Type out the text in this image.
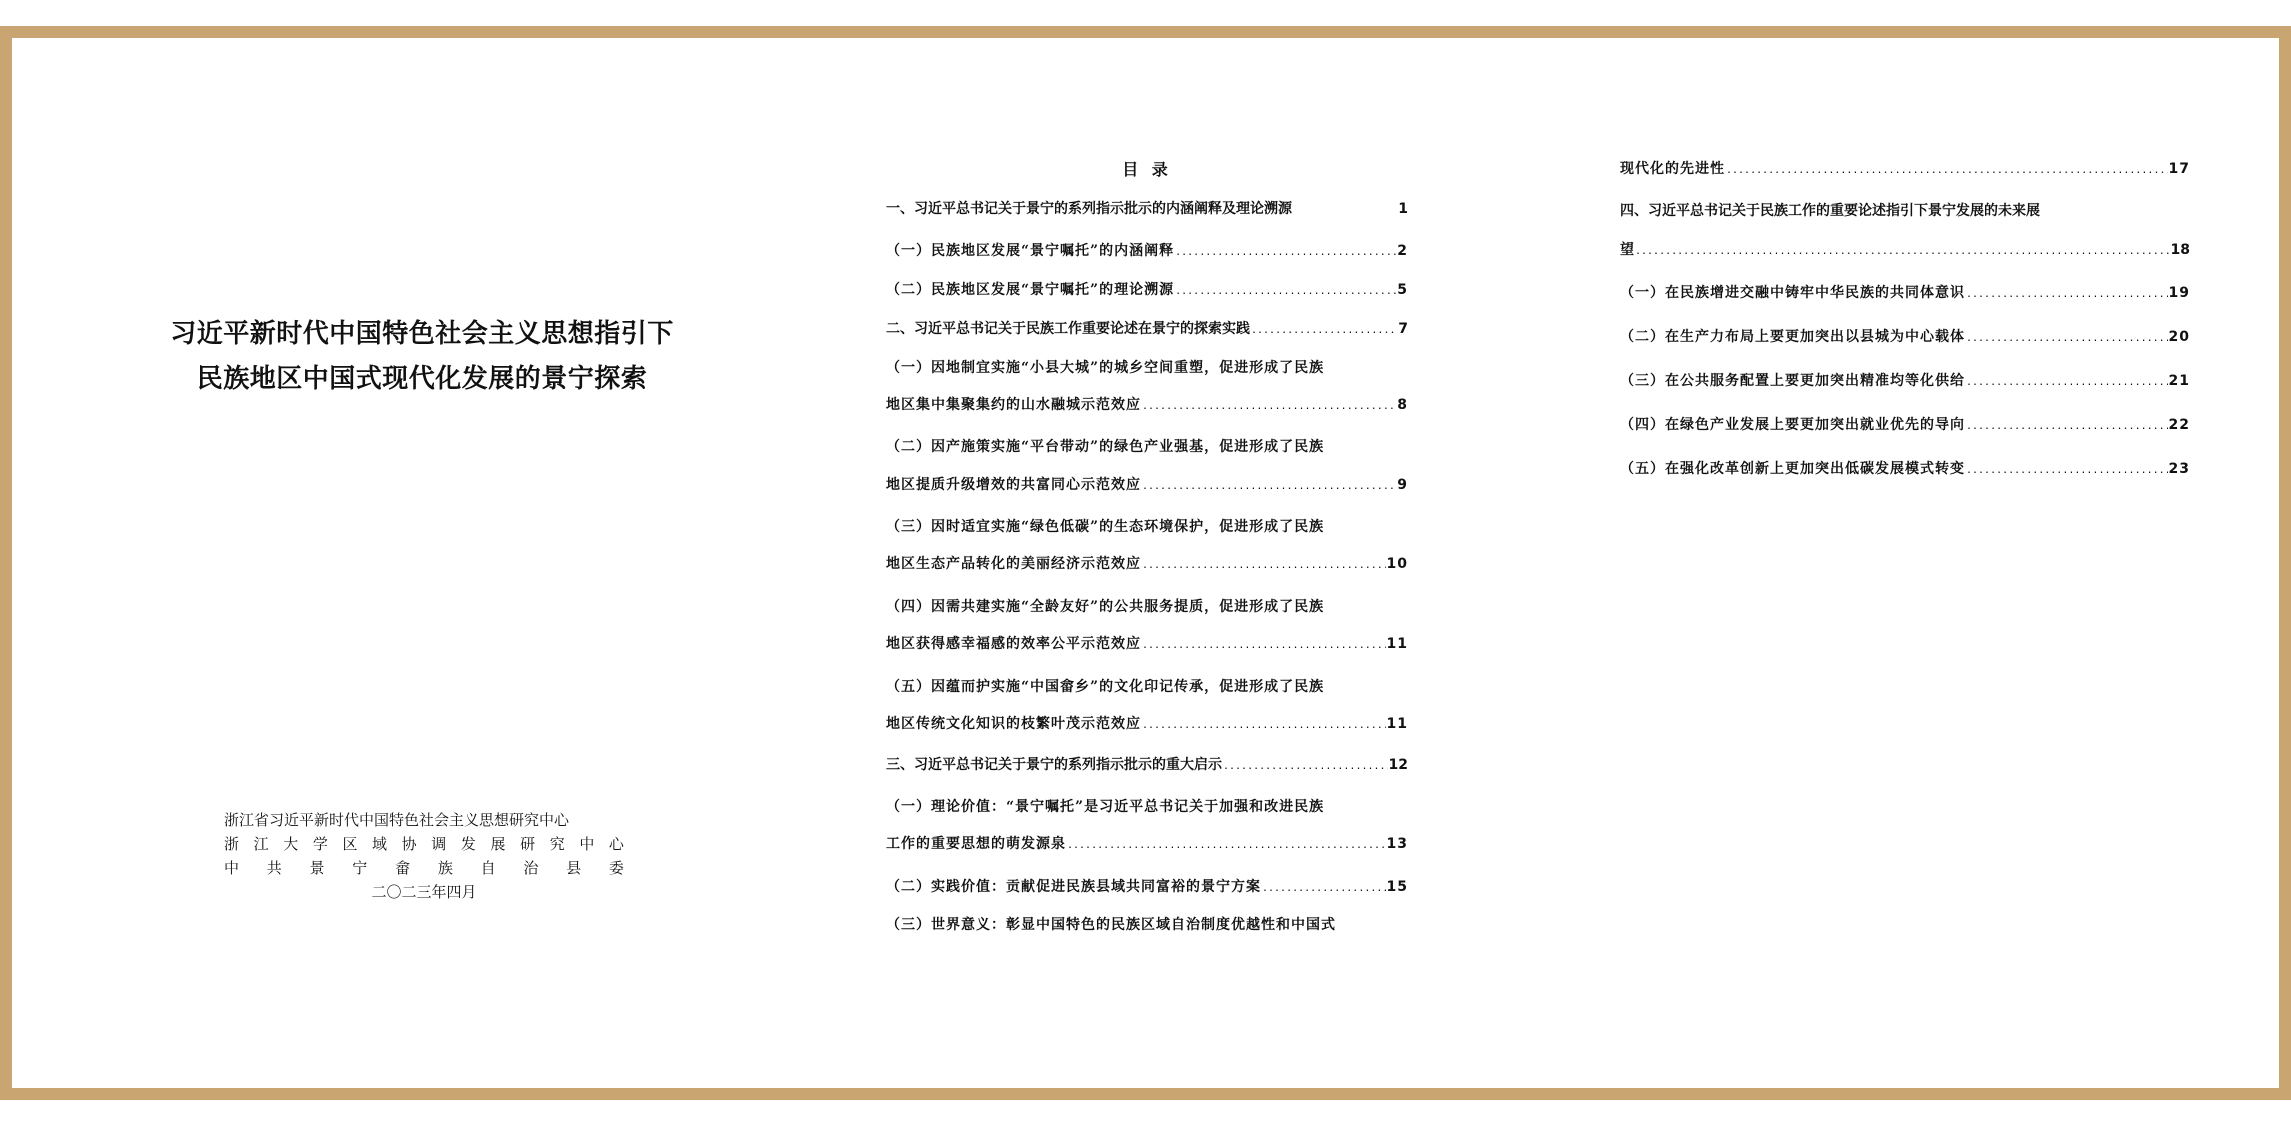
习近平新时代中国特色社会主义思想指引下
民族地区中国式现代化发展的景宁探索
浙江省习近平新时代中国特色社会主义思想研究中心
浙 江 大 学 区 域 协 调 发 展 研 究 中 心
中 共 景 宁 畲 族 自 治 县 委
二〇二三年四月
目 录
一、习近平总书记关于景宁的系列指示批示的内涵阐释及理论溯源	1
（一）民族地区发展“景宁嘱托”的内涵阐释 .....	2
（二）民族地区发展“景宁嘱托”的理论溯源 .....	5
二、习近平总书记关于民族工作重要论述在景宁的探索实践 .....	7
（一）因地制宜实施“小县大城”的城乡空间重塑，促进形成了民族
地区集中集聚集约的山水融城示范效应 .....	8
（二）因产施策实施“平台带动”的绿色产业强基，促进形成了民族
地区提质升级增效的共富同心示范效应 .....	9
（三）因时适宜实施“绿色低碳”的生态环境保护，促进形成了民族
地区生态产品转化的美丽经济示范效应 .....	10
（四）因需共建实施“全龄友好”的公共服务提质，促进形成了民族
地区获得感幸福感的效率公平示范效应 .....	11
（五）因蕴而护实施“中国畲乡”的文化印记传承，促进形成了民族
地区传统文化知识的枝繁叶茂示范效应 .....	11
三、习近平总书记关于景宁的系列指示批示的重大启示 .....	12
（一）理论价值：“景宁嘱托”是习近平总书记关于加强和改进民族
工作的重要思想的萌发源泉 .....	13
（二）实践价值：贡献促进民族县域共同富裕的景宁方案 .....	15
（三）世界意义：彰显中国特色的民族区域自治制度优越性和中国式
现代化的先进性 .....	17
四、习近平总书记关于民族工作的重要论述指引下景宁发展的未来展
望 .....	18
（一）在民族增进交融中铸牢中华民族的共同体意识 .....	19
（二）在生产力布局上要更加突出以县城为中心载体 .....	20
（三）在公共服务配置上要更加突出精准均等化供给 .....	21
（四）在绿色产业发展上要更加突出就业优先的导向 .....	22
（五）在强化改革创新上更加突出低碳发展模式转变 .....	23
